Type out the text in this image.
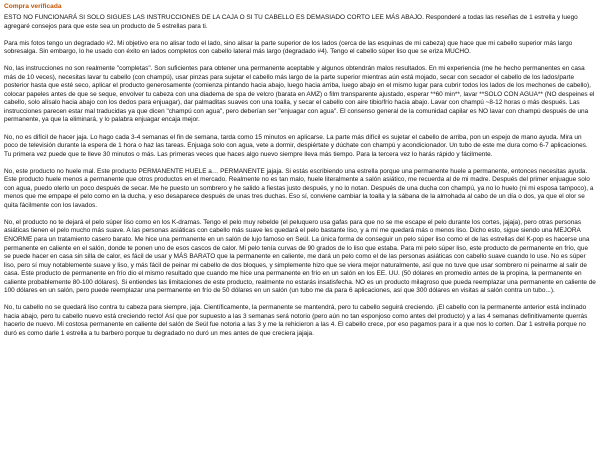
Compra verificada

ESTO NO FUNCIONARÁ SI SOLO SIGUES LAS INSTRUCCIONES DE LA CAJA O SI TU CABELLO ES DEMASIADO CORTO LEE MÁS ABAJO. Responderé a todas las reseñas de 1 estrella y luego agregaré consejos para que este sea un producto de 5 estrellas para ti.

Para mis fotos tengo un degradado #2. Mi objetivo era no alisar todo el lado, sino alisar la parte superior de los lados (cerca de las esquinas de mi cabeza) que hace que mi cabello superior más largo sobresalga. Sin embargo, lo he usado con éxito en lados completos con cabello lateral más largo (degradado #4). Tengo el cabello súper liso que se eriza MUCHO.

No, las instrucciones no son realmente "completas". Son suficientes para obtener una permanente aceptable y algunos obtendrán malos resultados. En mi experiencia (me he hecho permanentes en casa más de 10 veces), necesitas lavar tu cabello (con champú), usar pinzas para sujetar el cabello más largo de la parte superior mientras aún está mojado, secar con secador el cabello de los lados/parte posterior hasta que esté seco, aplicar el producto generosamente (comienza pintando hacia abajo, luego hacia arriba, luego abajo en el mismo lugar para cubrir todos los lados de los mechones de cabello), colocar papeles antes de que se seque, envolver tu cabeza con una diadema de spa de velcro (barata en AMZ) o film transparente ajustado, esperar **60 min**, lavar **SOLO CON AGUA** (NO despeines el cabello, solo alísalo hacia abajo con los dedos para enjuagar), dar palmaditas suaves con una toalla, y secar el cabello con aire tibio/frío hacia abajo. Lavar con champú ~8-12 horas o más después. Las instrucciones parecen estar mal traducidas ya que dicen "champú con agua", pero deberían ser "enjuagar con agua". El consenso general de la comunidad capilar es NO lavar con champú después de una permanente, ya que la eliminará, y lo palabra enjuagar encaja mejor.

No, no es difícil de hacer jaja. Lo hago cada 3-4 semanas el fin de semana, tarda como 15 minutos en aplicarse. La parte más difícil es sujetar el cabello de arriba, pon un espejo de mano ayuda. Mira un poco de televisión durante la espera de 1 hora o haz las tareas. Enjuaga solo con agua, vete a dormir, despiértate y dúchate con champú y acondicionador. Un tubo de este me dura como 6-7 aplicaciones. Tu primera vez puede que te lleve 30 minutos o más. Las primeras veces que haces algo nuevo siempre lleva más tiempo. Para la tercera vez lo harás rápido y fácilmente.

No, este producto no huele mal. Este producto PERMANENTE HUELE a… PERMANENTE jajaja. Si estás escribiendo una estrella porque una permanente huele a permanente, entonces necesitas ayuda. Este producto huele menos a permanente que otros productos en el mercado. Realmente no es tan malo, huele literalmente a salón asiático, me recuerda al de mi madre. Después del primer enjuague solo con agua, puedo olerlo un poco después de secar. Me he puesto un sombrero y he salido a fiestas justo después, y no lo notan. Después de una ducha con champú, ya no lo huelo (ni mi esposa tampoco), a menos que me empape el pelo como en la ducha, y eso desaparece después de unas tres duchas. Eso sí, conviene cambiar la toalla y la sábana de la almohada al cabo de un día o dos, ya que el olor se quita fácilmente con los lavados.

No, el producto no te dejará el pelo súper liso como en los K-dramas. Tengo el pelo muy rebelde (el peluquero usa gafas para que no se me escape el pelo durante los cortes, jajaja), pero otras personas asiáticas tienen el pelo mucho más suave. A las personas asiáticas con cabello más suave les quedará el pelo bastante liso, y a mí me quedará más o menos liso. Dicho esto, sigue siendo una MEJORA ENORME para un tratamiento casero barato. Me hice una permanente en un salón de lujo famoso en Seúl. La única forma de conseguir un pelo súper liso como el de las estrellas del K-pop es hacerse una permanente en caliente en el salón, donde te ponen uno de esos cascos de calor. Mi pelo tenía curvas de 90 grados de lo liso que estaba. Para mi pelo súper liso, este producto de permanente en frío, que se puede hacer en casa sin silla de calor, es fácil de usar y MÁS BARATO que la permanente en caliente, me dará un pelo como el de las personas asiáticas con cabello suave cuando lo use. No es súper liso, pero sí muy notablemente suave y liso, y más fácil de peinar mi cabello de dos bloques, y simplemente hizo que se viera mejor naturalmente, así que no tuve que usar sombrero ni peinarme al salir de casa. Este producto de permanente en frío dio el mismo resultado que cuando me hice una permanente en frío en un salón en los EE. UU. (50 dólares en promedio antes de la propina, la permanente en caliente probablemente 80-100 dólares). Si entiendes las limitaciones de este producto, realmente no estarás insatisfecha. NO es un producto milagroso que pueda reemplazar una permanente en caliente de 100 dólares en un salón, pero puede reemplazar una permanente en frío de 50 dólares en un salón (un tubo me da para 6 aplicaciones, así que 300 dólares en visitas al salón contra un tubo...).

No, tu cabello no se quedará liso contra tu cabeza para siempre, jaja. Científicamente, la permanente se mantendrá, pero tu cabello seguirá creciendo. ¡El cabello con la permanente anterior está inclinado hacia abajo, pero tu cabello nuevo está creciendo recto! Así que por supuesto a las 3 semanas será notorio (pero aún no tan esponjoso como antes del producto) y a las 4 semanas definitivamente querrás hacerlo de nuevo. Mi costosa permanente en caliente del salón de Seúl fue notoria a las 3 y me la rehicieron a las 4. El cabello crece, por eso pagamos para ir a que nos lo corten. Dar 1 estrella porque no duró es como darle 1 estrella a tu barbero porque tu degradado no duró un mes antes de que creciera jajaja.
